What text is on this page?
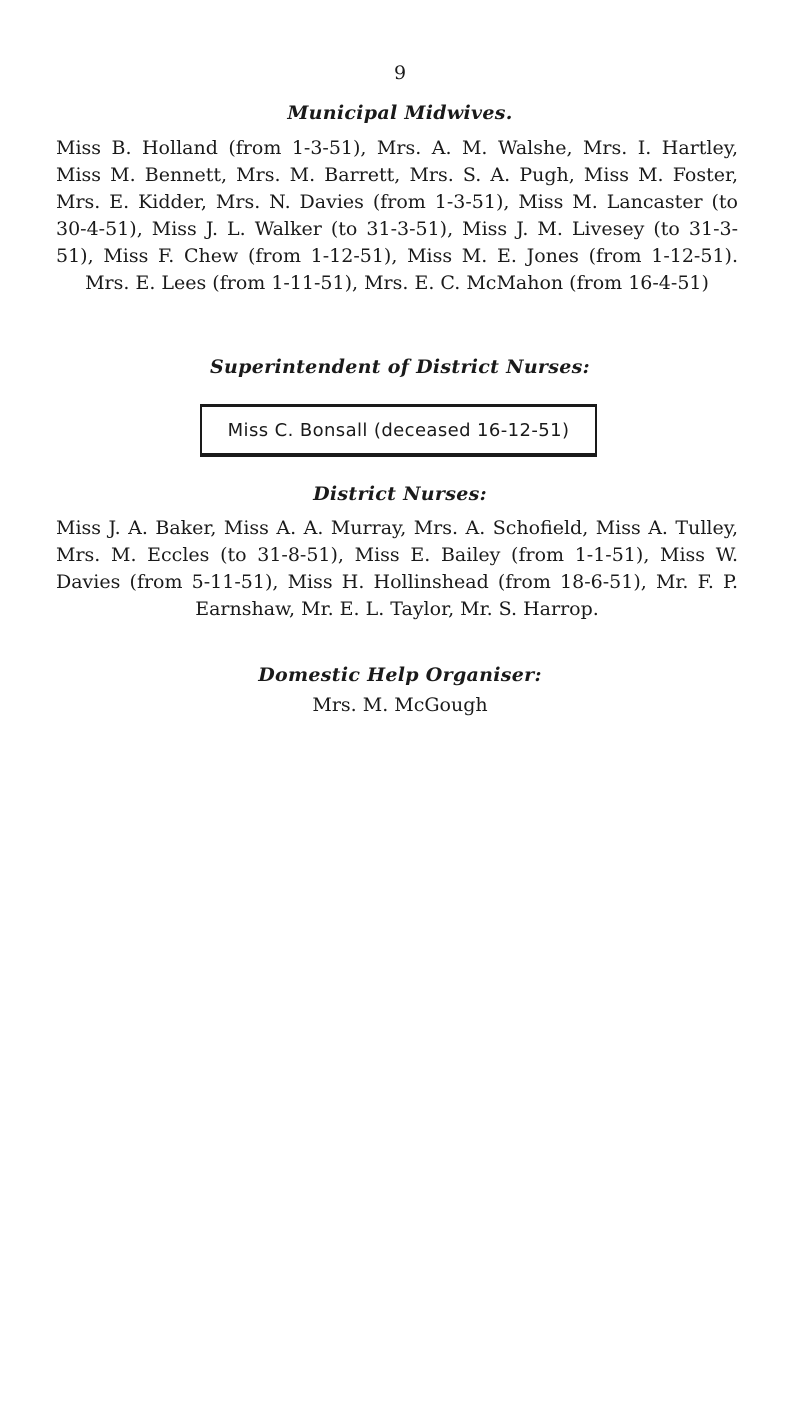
9
Municipal Midwives.
Miss B. Holland (from 1-3-51), Mrs. A. M. Walshe, Mrs. I. Hartley, Miss M. Bennett, Mrs. M. Barrett, Mrs. S. A. Pugh, Miss M. Foster, Mrs. E. Kidder, Mrs. N. Davies (from 1-3-51), Miss M. Lancaster (to 30-4-51), Miss J. L. Walker (to 31-3-51), Miss J. M. Livesey (to 31-3-51), Miss F. Chew (from 1-12-51), Miss M. E. Jones (from 1-12-51). Mrs. E. Lees (from 1-11-51), Mrs. E. C. McMahon (from 16-4-51)
Superintendent of District Nurses:
Miss C. Bonsall (deceased 16-12-51)
District Nurses:
Miss J. A. Baker, Miss A. A. Murray, Mrs. A. Schofield, Miss A. Tulley, Mrs. M. Eccles (to 31-8-51), Miss E. Bailey (from 1-1-51), Miss W. Davies (from 5-11-51), Miss H. Hollinshead (from 18-6-51), Mr. F. P. Earnshaw, Mr. E. L. Taylor, Mr. S. Harrop.
Domestic Help Organiser:
Mrs. M. McGough
